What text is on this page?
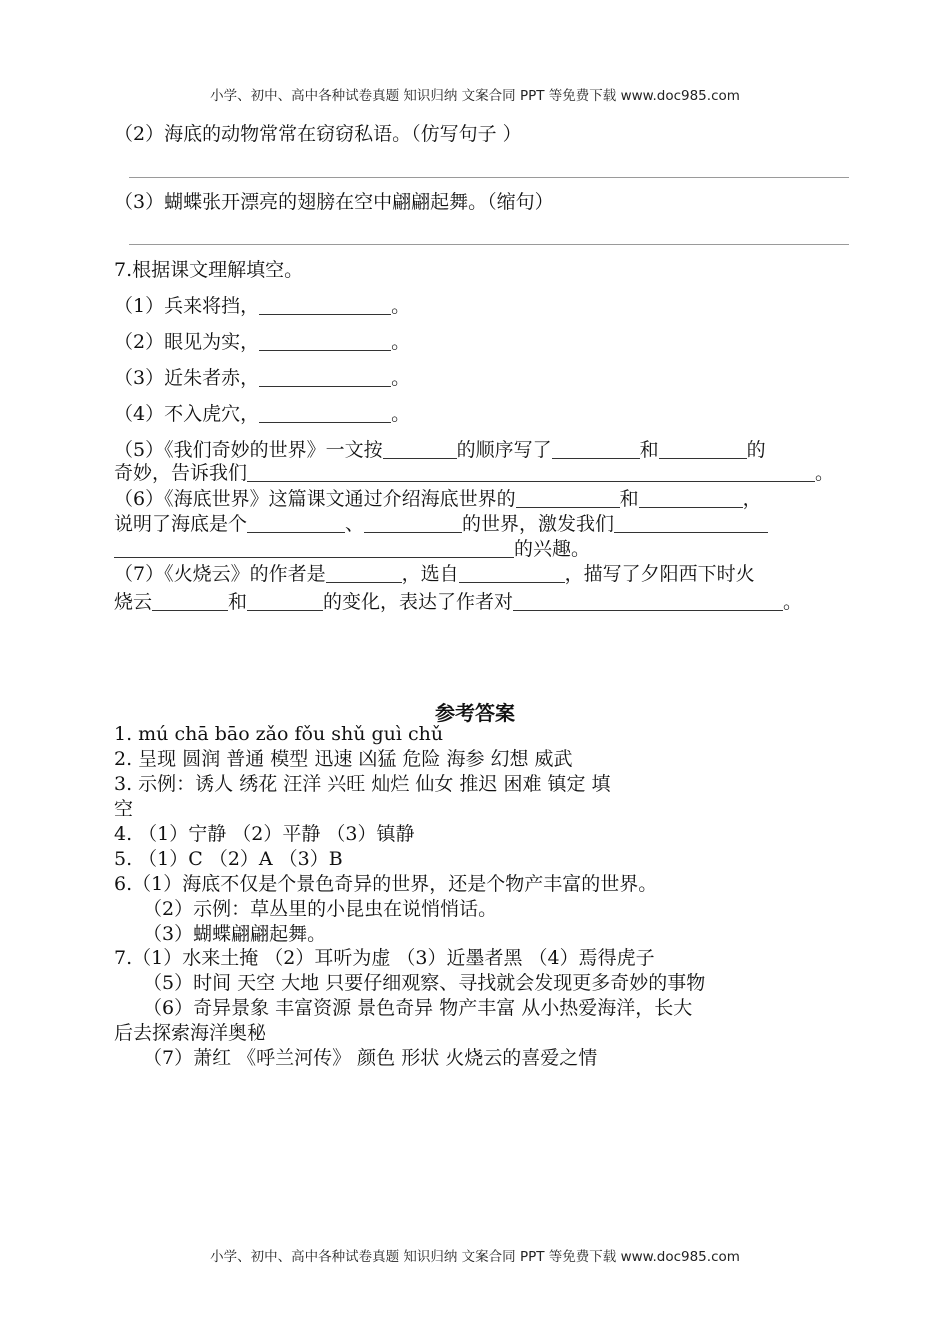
小学、初中、高中各种试卷真题 知识归纳 文案合同 PPT 等免费下载 www.doc985.com
（2）海底的动物常常在窃窃私语。（仿写句子 ）
（3）蝴蝶张开漂亮的翅膀在空中翩翩起舞。（缩句）
7.根据课文理解填空。
（1）兵来将挡，	。
（2）眼见为实，	。
（3）近朱者赤，	。
（4）不入虎穴，	。
（5）《我们奇妙的世界》一文按	的顺序写了	和	的
奇妙，告诉我们	。
（6）《海底世界》这篇课文通过介绍海底世界的	和	，
说明了海底是个	、	的世界，激发我们
的兴趣。
（7）《火烧云》的作者是	，选自	，描写了夕阳西下时火
烧云	和	的变化，表达了作者对	。
参考答案
1. mú chā bāo zǎo fǒu shǔ guì chǔ
2. 呈现 圆润 普通 模型 迅速 凶猛 危险 海参 幻想 威武
3. 示例：诱人 绣花 汪洋 兴旺 灿烂 仙女 推迟 困难 镇定 填
空
4. （1）宁静 （2）平静 （3）镇静
5. （1）C （2）A （3）B
6.（1）海底不仅是个景色奇异的世界，还是个物产丰富的世界。
（2）示例：草丛里的小昆虫在说悄悄话。
（3）蝴蝶翩翩起舞。
7.（1）水来土掩 （2）耳听为虚 （3）近墨者黑 （4）焉得虎子
（5）时间 天空 大地 只要仔细观察、寻找就会发现更多奇妙的事物
（6）奇异景象 丰富资源 景色奇异 物产丰富 从小热爱海洋，长大
后去探索海洋奥秘
（7）萧红 《呼兰河传》 颜色 形状 火烧云的喜爱之情
小学、初中、高中各种试卷真题 知识归纳 文案合同 PPT 等免费下载 www.doc985.com
